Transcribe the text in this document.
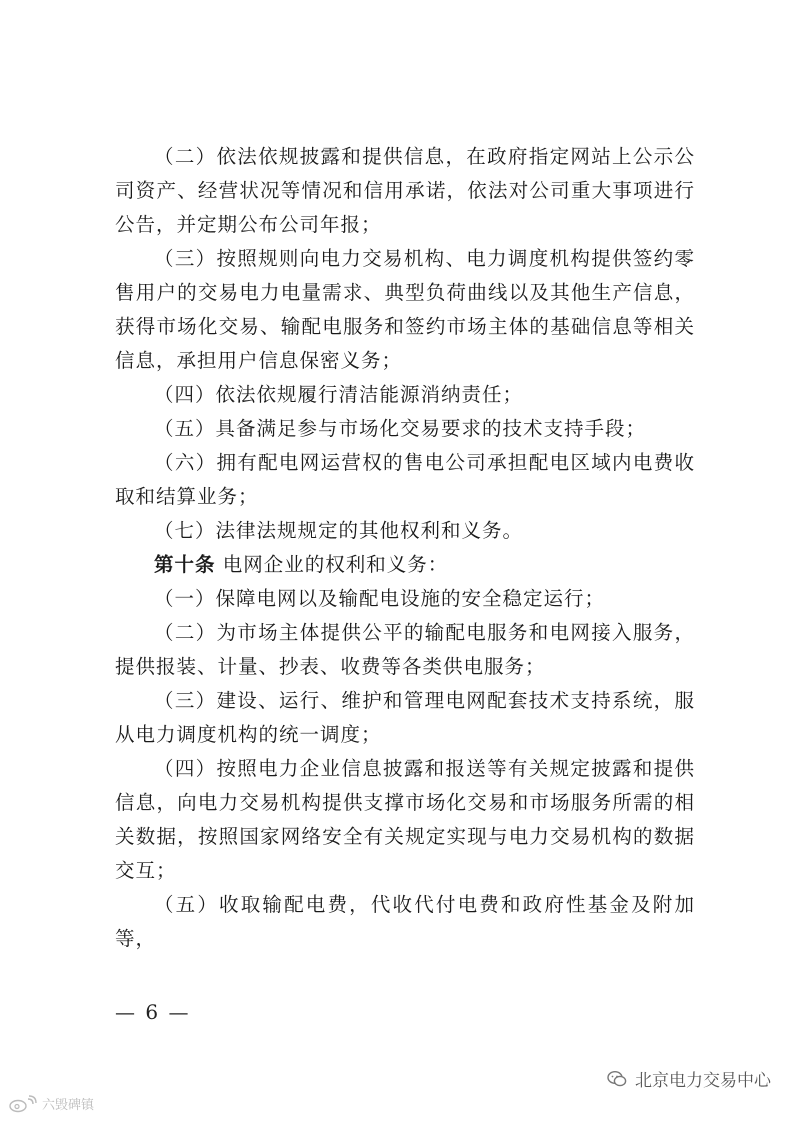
（二）依法依规披露和提供信息，在政府指定网站上公示公司资产、经营状况等情况和信用承诺，依法对公司重大事项进行公告，并定期公布公司年报；

（三）按照规则向电力交易机构、电力调度机构提供签约零售用户的交易电力电量需求、典型负荷曲线以及其他生产信息，获得市场化交易、输配电服务和签约市场主体的基础信息等相关信息，承担用户信息保密义务；

（四）依法依规履行清洁能源消纳责任；

（五）具备满足参与市场化交易要求的技术支持手段；

（六）拥有配电网运营权的售电公司承担配电区域内电费收取和结算业务；

（七）法律法规规定的其他权利和义务。

第十条 电网企业的权利和义务：

（一）保障电网以及输配电设施的安全稳定运行；

（二）为市场主体提供公平的输配电服务和电网接入服务，提供报装、计量、抄表、收费等各类供电服务；

（三）建设、运行、维护和管理电网配套技术支持系统，服从电力调度机构的统一调度；

（四）按照电力企业信息披露和报送等有关规定披露和提供信息，向电力交易机构提供支撑市场化交易和市场服务所需的相关数据，按照国家网络安全有关规定实现与电力交易机构的数据交互；

（五）收取输配电费，代收代付电费和政府性基金及附加等，

— 6 —
北京电力交易中心
六毁碑镇
